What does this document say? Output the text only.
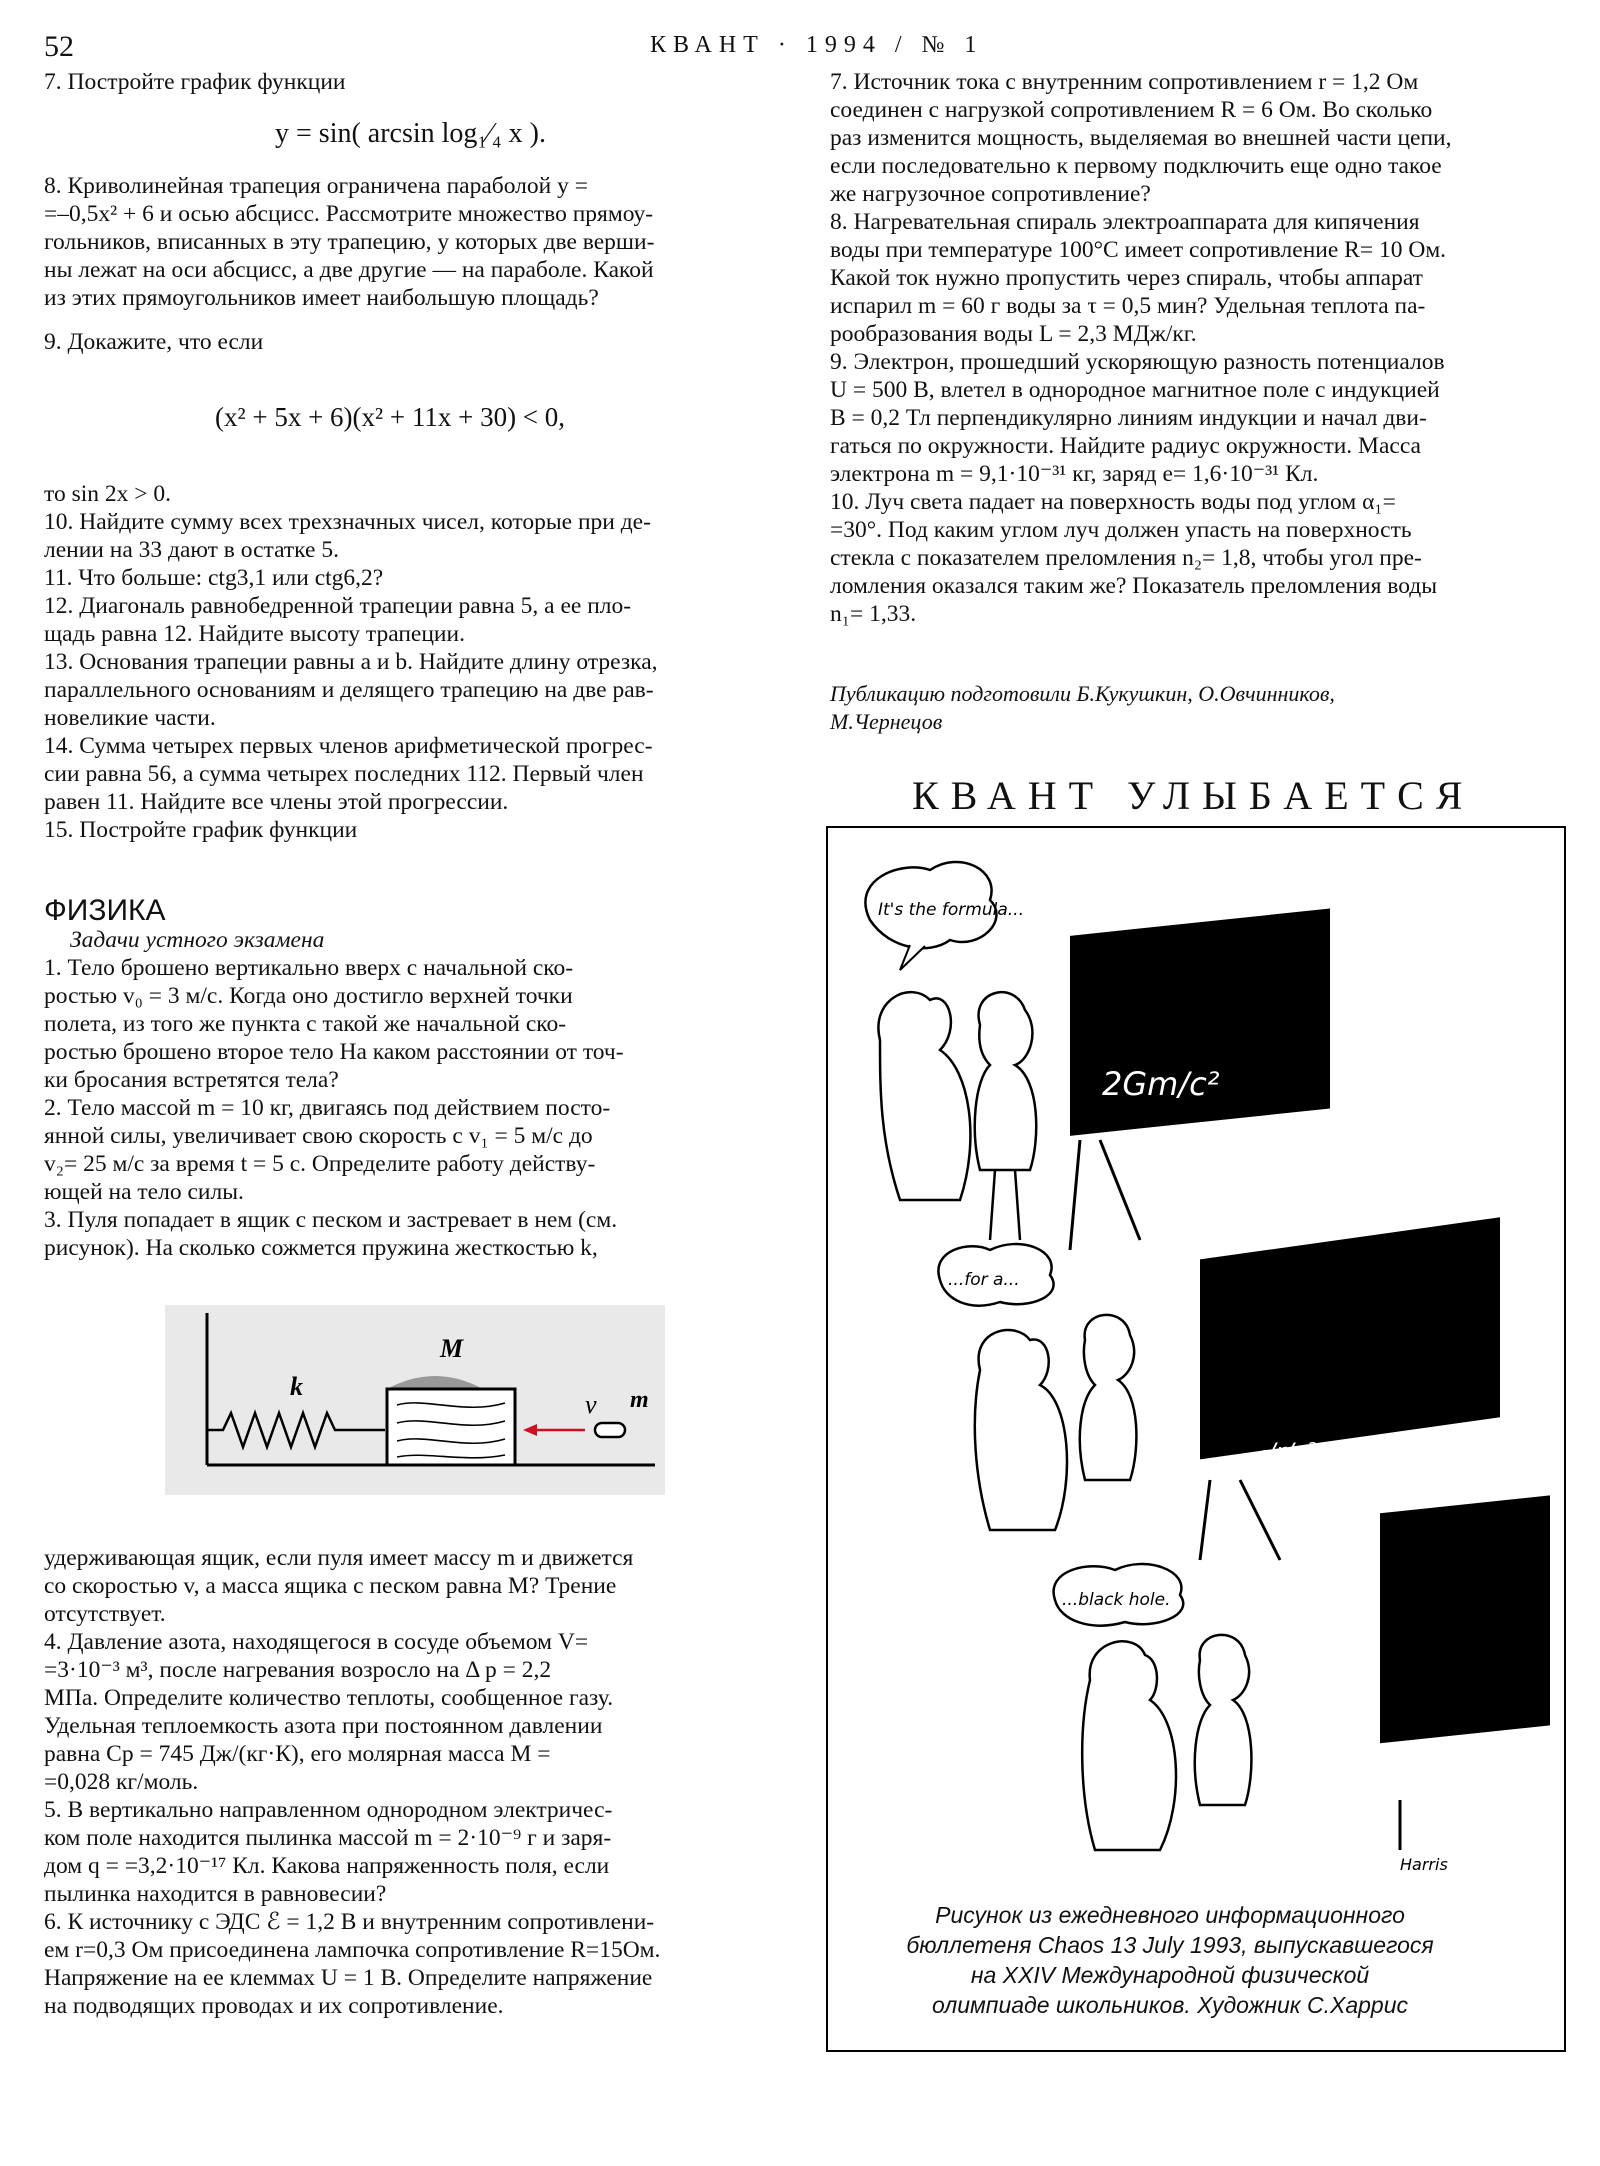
52	КВАНТ · 1994 / № 1
7. Постройте график функции
8. Криволинейная трапеция ограничена параболой y =
=–0,5x² + 6 и осью абсцисс. Рассмотрите множество прямоу-
гольников, вписанных в эту трапецию, у которых две верши-
ны лежат на оси абсцисс, а две другие — на параболе. Какой
из этих прямоугольников имеет наибольшую площадь?
9. Докажите, что если
то sin 2x > 0.
10. Найдите сумму всех трехзначных чисел, которые при де-
лении на 33 дают в остатке 5.
11. Что больше: ctg3,1 или ctg6,2?
12. Диагональ равнобедренной трапеции равна 5, а ее пло-
щадь равна 12. Найдите высоту трапеции.
13. Основания трапеции равны a и b. Найдите длину отрезка,
параллельного основаниям и делящего трапецию на две рав-
новеликие части.
14. Сумма четырех первых членов арифметической прогрес-
сии равна 56, а сумма четырех последних 112. Первый член
равен 11. Найдите все члены этой прогрессии.
15. Постройте график функции
y = sin( arcsin log₁⁄₄ x ).
(x² + 5x + 6)(x² + 11x + 30) < 0,
ФИЗИКА
Задачи устного экзамена
1. Тело брошено вертикально вверх с начальной ско-
ростью v₀ = 3 м/с. Когда оно достигло верхней точки
полета, из того же пункта с такой же начальной ско-
ростью брошено второе тело На каком расстоянии от точ-
ки бросания встретятся тела?
2. Тело массой m = 10 кг, двигаясь под действием посто-
янной силы, увеличивает свою скорость с v₁ = 5 м/с до
v₂= 25 м/с за время t = 5 с. Определите работу действу-
ющей на тело силы.
3. Пуля попадает в ящик с песком и застревает в нем (см.
рисунок). На сколько сожмется пружина жесткостью k,
k
M
v m
удерживающая ящик, если пуля имеет массу m и движется
со скоростью v, а масса ящика с песком равна M? Трение
отсутствует.
4. Давление азота, находящегося в сосуде объемом V=
=3·10⁻³ м³, после нагревания возросло на Δ p = 2,2
МПа. Определите количество теплоты, сообщенное газу.
Удельная теплоемкость азота при постоянном давлении
равна Cp = 745 Дж/(кг·К), его молярная масса M =
=0,028 кг/моль.
5. В вертикально направленном однородном электричес-
ком поле находится пылинка массой m = 2·10⁻⁹ г и заря-
дом q = =3,2·10⁻¹⁷ Кл. Какова напряженность поля, если
пылинка находится в равновесии?
6. К источнику с ЭДС ℰ = 1,2 В и внутренним сопротивлени-
ем r=0,3 Ом присоединена лампочка сопротивление R=15Ом.
Напряжение на ее клеммах U = 1 В. Определите напряжение
на подводящих проводах и их сопротивление.
7. Источник тока с внутренним сопротивлением r = 1,2 Ом
соединен с нагрузкой сопротивлением R = 6 Ом. Во сколько
раз изменится мощность, выделяемая во внешней части цепи,
если последовательно к первому подключить еще одно такое
же нагрузочное сопротивление?
8. Нагревательная спираль электроаппарата для кипячения
воды при температуре 100°С имеет сопротивление R= 10 Ом.
Какой ток нужно пропустить через спираль, чтобы аппарат
испарил m = 60 г воды за τ = 0,5 мин? Удельная теплота па-
рообразования воды L = 2,3 МДж/кг.
9. Электрон, прошедший ускоряющую разность потенциалов
U = 500 В, влетел в однородное магнитное поле с индукцией
B = 0,2 Тл перпендикулярно линиям индукции и начал дви-
гаться по окружности. Найдите радиус окружности. Масса
электрона m = 9,1·10⁻³¹ кг, заряд e= 1,6·10⁻³¹ Кл.
10. Луч света падает на поверхность воды под углом α₁=
=30°. Под каким углом луч должен упасть на поверхность
стекла с показателем преломления n₂= 1,8, чтобы угол пре-
ломления оказался таким же? Показатель преломления воды
n₁= 1,33.
Публикацию подготовили Б.Кукушкин, О.Овчинников,
М.Чернецов
КВАНТ УЛЫБАЕТСЯ
It's the formula...
2Gm/c²
...for a...
·/r/c²
...black hole.
Harris
Рисунок из ежедневного информационного
бюллетеня Chaos 13 July 1993, выпускавшегося
на XXIV Международной физической
олимпиаде школьников. Художник С.Харрис
